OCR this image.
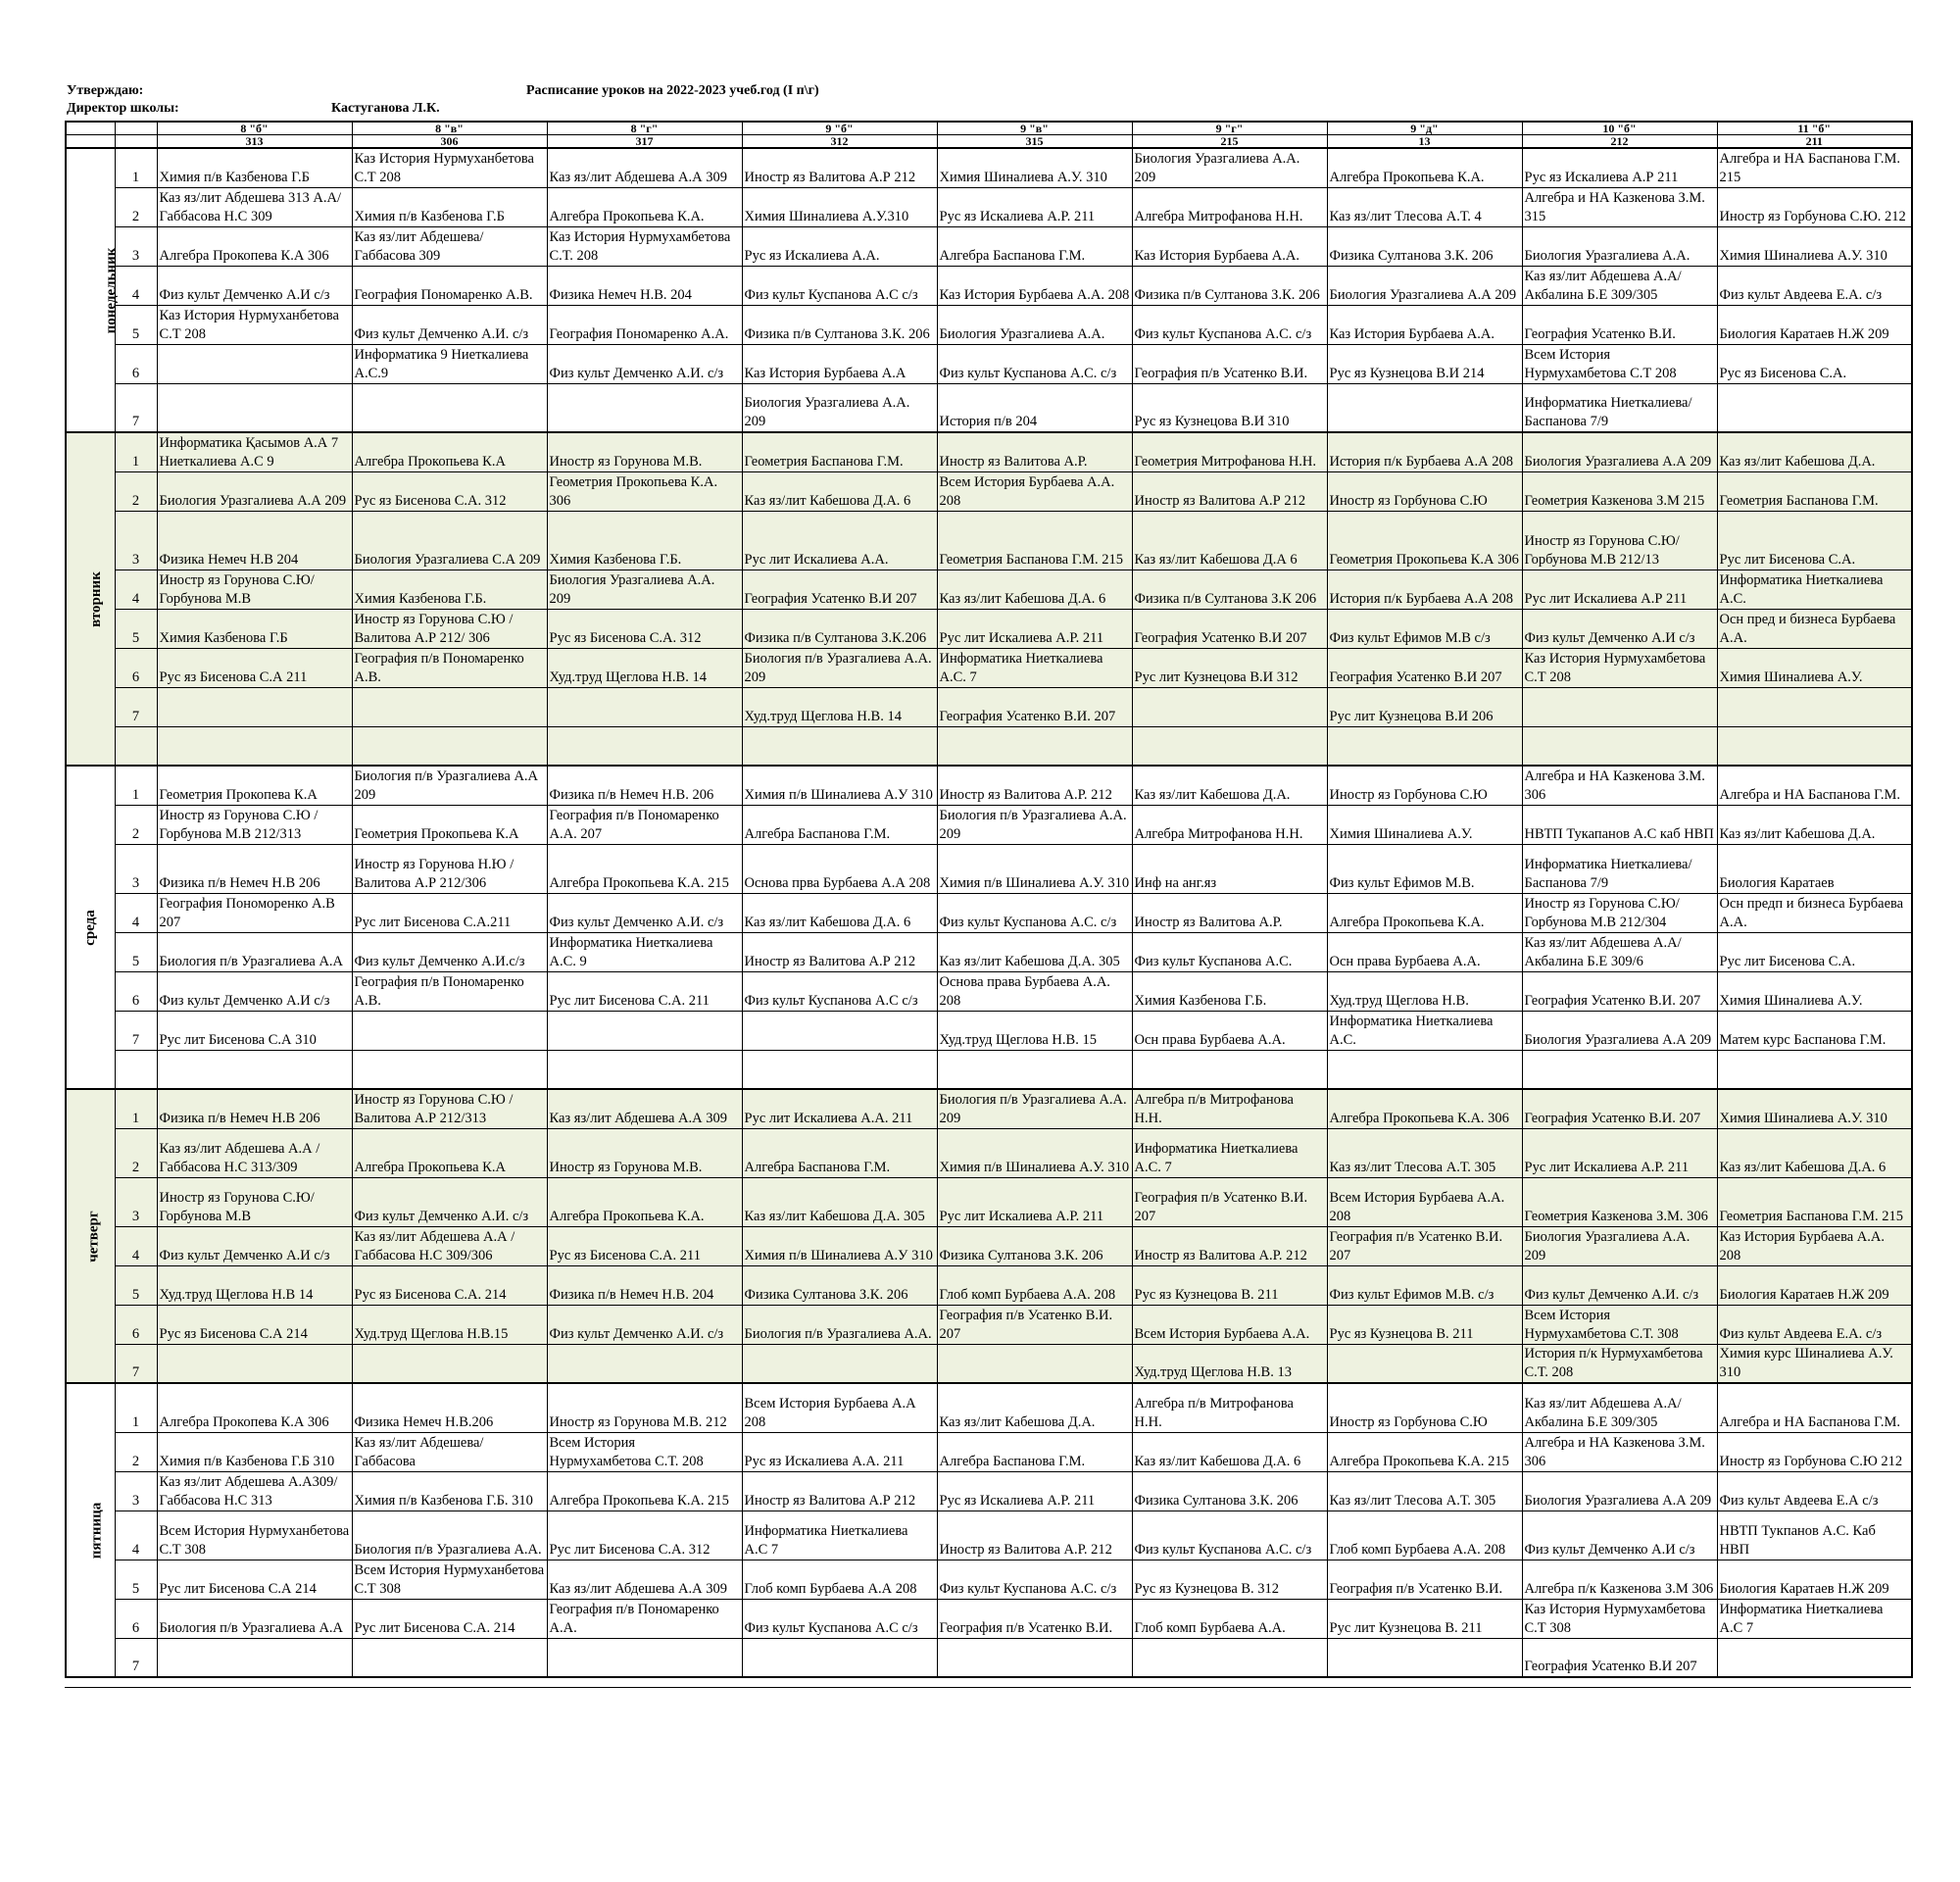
Утверждаю:
Директор школы:	Кастуганова Л.К.
Расписание уроков на 2022-2023 учеб.год (I п\г)
		8 "б"	8 "в"	8 "г"	9 "б"	9 "в"	9 "г"	9 "д"	10 "б"	11 "б"
		313	306	317	312	315	215	13	212	211
понедельник	1	Химия п/в Казбенова Г.Б	Каз История Нурмуханбетова С.Т 208	Каз яз/лит Абдешева А.А 309	Иностр яз Валитова А.Р 212	Химия Шиналиева А.У. 310	Биология Уразгалиева А.А. 209	Алгебра Прокопьева К.А.	Рус яз Искалиева А.Р 211	Алгебра и НА Баспанова Г.М. 215
	2	Каз яз/лит Абдешева 313 А.А/Габбасова Н.С 309	Химия п/в Казбенова Г.Б	Алгебра Прокопьева К.А.	Химия Шиналиева А.У.310	Рус яз Искалиева А.Р. 211	Алгебра Митрофанова Н.Н.	Каз яз/лит Тлесова А.Т. 4	Алгебра и НА Казкенова З.М. 315	Иностр яз Горбунова С.Ю. 212
	3	Алгебра Прокопева К.А 306	Каз яз/лит Абдешева/Габбасова 309	Каз История Нурмухамбетова С.Т. 208	Рус яз Искалиева А.А.	Алгебра Баспанова Г.М.	Каз История Бурбаева А.А.	Физика Султанова З.К. 206	Биология Уразгалиева А.А.	Химия Шиналиева А.У. 310
	4	Физ культ Демченко А.И с/з	География Пономаренко А.В.	Физика Немеч Н.В. 204	Физ культ Куспанова А.С с/з	Каз История Бурбаева А.А. 208	Физика п/в Султанова З.К. 206	Биология Уразгалиева А.А 209	Каз яз/лит Абдешева А.А/Акбалина Б.Е 309/305	Физ культ Авдеева Е.А. с/з
	5	Каз История Нурмуханбетова С.Т 208	Физ культ Демченко А.И. с/з	География Пономаренко А.А.	Физика п/в Султанова З.К. 206	Биология Уразгалиева А.А.	Физ культ Куспанова А.С. с/з	Каз История Бурбаева А.А.	География Усатенко В.И.	Биология Каратаев Н.Ж 209
	6		Информатика 9 Ниеткалиева А.С.9	Физ культ Демченко А.И. с/з	Каз История Бурбаева А.А	Физ культ Куспанова А.С. с/з	География п/в Усатенко В.И.	Рус яз Кузнецова В.И 214	Всем История Нурмухамбетова С.Т 208	Рус яз Бисенова С.А.
	7				Биология Уразгалиева А.А. 209	История п/в 204	Рус яз Кузнецова В.И 310		Информатика Ниеткалиева/Баспанова 7/9	
вторник	1	Информатика Қасымов А.А 7 Ниеткалиева А.С 9	Алгебра Прокопьева К.А	Иностр яз Горунова М.В.	Геометрия Баспанова Г.М.	Иностр яз Валитова А.Р.	Геометрия Митрофанова Н.Н.	История п/к Бурбаева А.А 208	Биология Уразгалиева А.А 209	Каз яз/лит Кабешова Д.А.
	2	Биология Уразгалиева А.А 209	Рус яз Бисенова С.А. 312	Геометрия Прокопьева К.А. 306	Каз яз/лит Кабешова Д.А. 6	Всем История Бурбаева А.А. 208	Иностр яз Валитова А.Р 212	Иностр яз Горбунова С.Ю	Геометрия Казкенова З.М 215	Геометрия Баспанова Г.М.
	3	Физика Немеч Н.В 204	Биология Уразгалиева С.А 209	Химия Казбенова Г.Б.	Рус лит Искалиева А.А.	Геометрия Баспанова Г.М. 215	Каз яз/лит Кабешова Д.А 6	Геометрия Прокопьева К.А 306	Иностр яз Горунова С.Ю/Горбунова М.В 212/13	Рус лит Бисенова С.А.
	4	Иностр яз Горунова С.Ю/Горбунова М.В	Химия Казбенова Г.Б.	Биология Уразгалиева А.А. 209	География Усатенко В.И 207	Каз яз/лит Кабешова Д.А. 6	Физика п/в Султанова З.К 206	История п/к Бурбаева А.А 208	Рус лит Искалиева А.Р 211	Информатика Ниеткалиева А.С.
	5	Химия Казбенова Г.Б	Иностр яз Горунова С.Ю /Валитова А.Р 212/ 306	Рус яз Бисенова С.А. 312	Физика п/в Султанова З.К.206	Рус лит Искалиева А.Р. 211	География Усатенко В.И 207	Физ культ Ефимов М.В с/з	Физ культ Демченко А.И с/з	Осн пред и бизнеса Бурбаева А.А.
	6	Рус яз Бисенова С.А 211	География п/в Пономаренко А.В.	Худ.труд Щеглова Н.В. 14	Биология п/в Уразгалиева А.А. 209	Информатика Ниеткалиева А.С. 7	Рус лит Кузнецова В.И 312	География Усатенко В.И 207	Каз История Нурмухамбетова С.Т 208	Химия Шиналиева А.У.
	7				Худ.труд Щеглова Н.В. 14	География Усатенко В.И. 207		Рус лит Кузнецова В.И 206		

среда	1	Геометрия Прокопева К.А	Биология п/в Уразгалиева А.А 209	Физика п/в Немеч Н.В. 206	Химия п/в Шиналиева А.У 310	Иностр яз Валитова А.Р. 212	Каз яз/лит Кабешова Д.А.	Иностр яз Горбунова С.Ю	Алгебра и НА Казкенова З.М. 306	Алгебра и НА Баспанова Г.М.
	2	Иностр яз Горунова С.Ю /Горбунова М.В 212/313	Геометрия Прокопьева К.А	География п/в Пономаренко А.А. 207	Алгебра Баспанова Г.М.	Биология п/в Уразгалиева А.А. 209	Алгебра Митрофанова Н.Н.	Химия Шиналиева А.У.	НВТП Тукапанов А.С каб НВП	Каз яз/лит Кабешова Д.А.
	3	Физика п/в Немеч Н.В 206	Иностр яз Горунова Н.Ю /Валитова А.Р 212/306	Алгебра Прокопьева К.А. 215	Основа прва Бурбаева А.А 208	Химия п/в Шиналиева А.У. 310	Инф на анг.яз	Физ культ Ефимов М.В.	Информатика Ниеткалиева/Баспанова 7/9	Биология Каратаев
	4	География Пономоренко А.В 207	Рус лит Бисенова С.А.211	Физ культ Демченко А.И. с/з	Каз яз/лит Кабешова Д.А. 6	Физ культ Куспанова А.С. с/з	Иностр яз Валитова А.Р.	Алгебра Прокопьева К.А.	Иностр яз Горунова С.Ю/Горбунова М.В 212/304	Осн предп и бизнеса Бурбаева А.А.
	5	Биология п/в Уразгалиева А.А	Физ культ Демченко А.И.с/з	Информатика Ниеткалиева А.С. 9	Иностр яз Валитова А.Р 212	Каз яз/лит Кабешова Д.А. 305	Физ культ Куспанова А.С.	Осн права Бурбаева А.А.	Каз яз/лит Абдешева А.А/Акбалина Б.Е 309/6	Рус лит Бисенова С.А.
	6	Физ культ Демченко А.И с/з	География п/в Пономаренко А.В.	Рус лит Бисенова С.А. 211	Физ культ Куспанова А.С с/з	Основа права Бурбаева А.А. 208	Химия Казбенова Г.Б.	Худ.труд Щеглова Н.В.	География Усатенко В.И. 207	Химия Шиналиева А.У.
	7	Рус лит Бисенова С.А 310				Худ.труд Щеглова Н.В. 15	Осн права Бурбаева А.А.	Информатика Ниеткалиева А.С.	Биология Уразгалиева А.А 209	Матем курс Баспанова Г.М.

четверг	1	Физика п/в Немеч Н.В 206	Иностр яз Горунова С.Ю /Валитова А.Р 212/313	Каз яз/лит Абдешева А.А 309	Рус лит Искалиева А.А. 211	Биология п/в Уразгалиева А.А. 209	Алгебра п/в Митрофанова Н.Н.	Алгебра Прокопьева К.А. 306	География Усатенко В.И. 207	Химия Шиналиева А.У. 310
	2	Каз яз/лит Абдешева А.А /Габбасова Н.С 313/309	Алгебра Прокопьева К.А	Иностр яз Горунова М.В.	Алгебра Баспанова Г.М.	Химия п/в Шиналиева А.У. 310	Информатика Ниеткалиева А.С. 7	Каз яз/лит Тлесова А.Т. 305	Рус лит Искалиева А.Р. 211	Каз яз/лит Кабешова Д.А. 6
	3	Иностр яз Горунова С.Ю/Горбунова М.В	Физ культ Демченко А.И. с/з	Алгебра Прокопьева К.А.	Каз яз/лит Кабешова Д.А. 305	Рус лит Искалиева А.Р. 211	География п/в Усатенко В.И. 207	Всем История Бурбаева А.А. 208	Геометрия Казкенова З.М. 306	Геометрия Баспанова Г.М. 215
	4	Физ культ Демченко А.И с/з	Каз яз/лит Абдешева А.А /Габбасова Н.С 309/306	Рус яз Бисенова С.А. 211	Химия п/в Шиналиева А.У 310	Физика Султанова З.К. 206	Иностр яз Валитова А.Р. 212	География п/в Усатенко В.И. 207	Биология Уразгалиева А.А. 209	Каз История Бурбаева А.А. 208
	5	Худ.труд Щеглова Н.В 14	Рус яз Бисенова С.А. 214	Физика п/в Немеч Н.В. 204	Физика Султанова З.К. 206	Глоб комп Бурбаева А.А. 208	Рус яз Кузнецова В. 211	Физ культ Ефимов М.В. с/з	Физ культ Демченко А.И. с/з	Биология Каратаев Н.Ж 209
	6	Рус яз Бисенова С.А 214	Худ.труд Щеглова Н.В.15	Физ культ Демченко А.И. с/з	Биология п/в Уразгалиева А.А.	География п/в Усатенко В.И. 207	Всем История Бурбаева А.А.	Рус яз Кузнецова В. 211	Всем История Нурмухамбетова С.Т. 308	Физ культ Авдеева Е.А. с/з
	7						Худ.труд Щеглова Н.В. 13		История п/к Нурмухамбетова С.Т. 208	Химия курс Шиналиева А.У. 310
пятница	1	Алгебра Прокопева К.А 306	Физика Немеч Н.В.206	Иностр яз Горунова М.В. 212	Всем История Бурбаева А.А 208	Каз яз/лит Кабешова Д.А.	Алгебра п/в Митрофанова Н.Н.	Иностр яз Горбунова С.Ю	Каз яз/лит Абдешева А.А/Акбалина Б.Е 309/305	Алгебра и НА Баспанова Г.М.
	2	Химия п/в Казбенова Г.Б 310	Каз яз/лит Абдешева/Габбасова	Всем История Нурмухамбетова С.Т. 208	Рус яз Искалиева А.А. 211	Алгебра Баспанова Г.М.	Каз яз/лит Кабешова Д.А. 6	Алгебра Прокопьева К.А. 215	Алгебра и НА Казкенова З.М. 306	Иностр яз Горбунова С.Ю 212
	3	Каз яз/лит Абдешева А.А309/Габбасова Н.С 313	Химия п/в Казбенова Г.Б. 310	Алгебра Прокопьева К.А. 215	Иностр яз Валитова А.Р 212	Рус яз Искалиева А.Р. 211	Физика Султанова З.К. 206	Каз яз/лит Тлесова А.Т. 305	Биология Уразгалиева А.А 209	Физ культ Авдеева Е.А с/з
	4	Всем История Нурмуханбетова С.Т 308	Биология п/в Уразгалиева А.А.	Рус лит Бисенова С.А. 312	Информатика Ниеткалиева А.С 7	Иностр яз Валитова А.Р. 212	Физ культ Куспанова А.С. с/з	Глоб комп Бурбаева А.А. 208	Физ культ Демченко А.И с/з	НВТП Тукпанов А.С. Каб НВП
	5	Рус лит Бисенова С.А 214	Всем История Нурмуханбетова С.Т 308	Каз яз/лит Абдешева А.А 309	Глоб комп Бурбаева А.А 208	Физ культ Куспанова А.С. с/з	Рус яз Кузнецова В. 312	География п/в Усатенко В.И.	Алгебра п/к Казкенова З.М 306	Биология Каратаев Н.Ж 209
	6	Биология п/в Уразгалиева А.А	Рус лит Бисенова С.А. 214	География п/в Пономаренко А.А.	Физ культ Куспанова А.С с/з	География п/в Усатенко В.И.	Глоб комп Бурбаева А.А.	Рус лит Кузнецова В. 211	Каз История Нурмухамбетова С.Т 308	Информатика Ниеткалиева А.С 7
	7								География Усатенко В.И 207	
